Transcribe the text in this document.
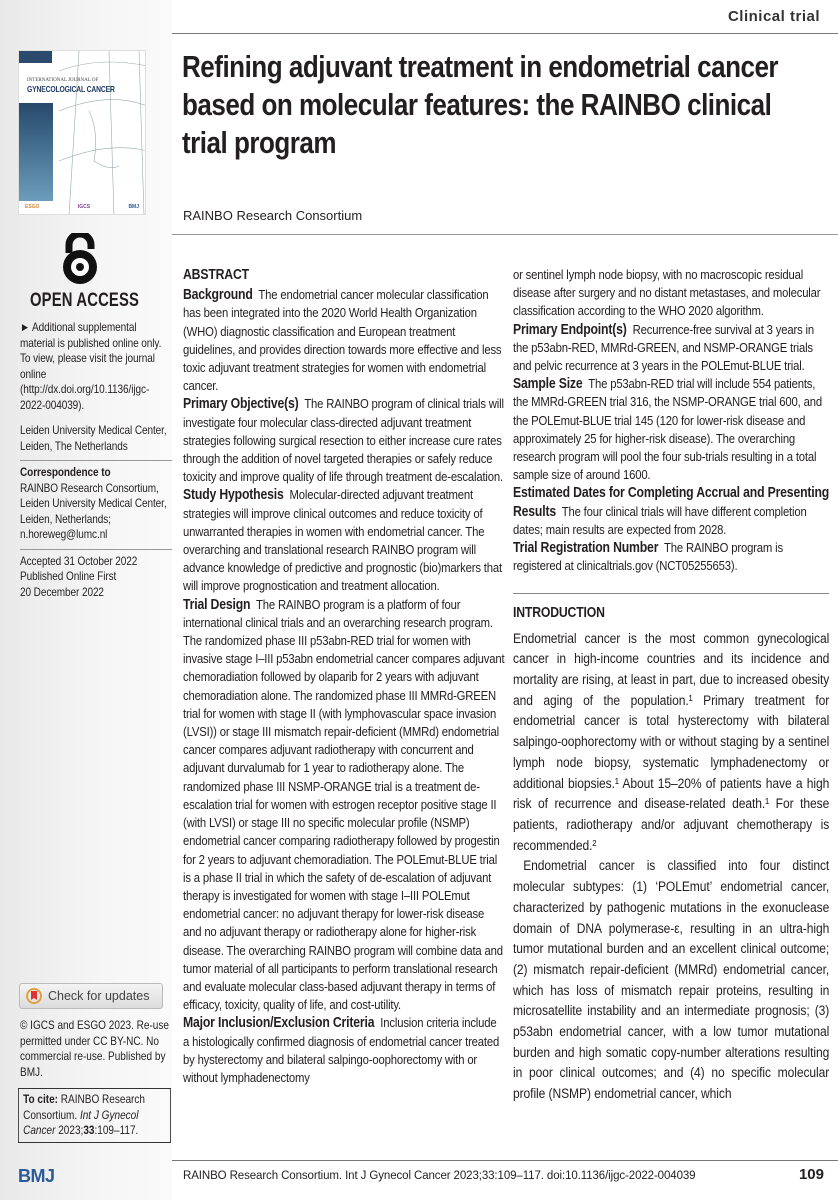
INTERNATIONAL JOURNAL OF
GYNECOLOGICAL CANCER
ESGO	IGCS	BMJ
OPEN ACCESS

► Additional supplemental material is published online only. To view, please visit the journal online (http://dx.doi.org/10.1136/ijgc-2022-004039).

Leiden University Medical Center, Leiden, The Netherlands

Correspondence to

RAINBO Research Consortium, Leiden University Medical Center, Leiden, Netherlands; n.horeweg@lumc.nl

Accepted 31 October 2022

Published Online First

20 December 2022

Check for updates
© IGCS and ESGO 2023. Re-use permitted under CC BY-NC. No commercial re-use. Published by BMJ.
To cite: RAINBO Research Consortium. Int J Gynecol Cancer 2023;33:109–117.
BMJ
Clinical trial
Refining adjuvant treatment in endometrial cancer based on molecular features: the RAINBO clinical trial program
RAINBO Research Consortium
ABSTRACT

Background The endometrial cancer molecular classification has been integrated into the 2020 World Health Organization (WHO) diagnostic classification and European treatment guidelines, and provides direction towards more effective and less toxic adjuvant treatment strategies for women with endometrial cancer.

Primary Objective(s) The RAINBO program of clinical trials will investigate four molecular class-directed adjuvant treatment strategies following surgical resection to either increase cure rates through the addition of novel targeted therapies or safely reduce toxicity and improve quality of life through treatment de-escalation.

Study Hypothesis Molecular-directed adjuvant treatment strategies will improve clinical outcomes and reduce toxicity of unwarranted therapies in women with endometrial cancer. The overarching and translational research RAINBO program will advance knowledge of predictive and prognostic (bio)markers that will improve prognostication and treatment allocation.

Trial Design The RAINBO program is a platform of four international clinical trials and an overarching research program. The randomized phase III p53abn-RED trial for women with invasive stage I–III p53abn endometrial cancer compares adjuvant chemoradiation followed by olaparib for 2 years with adjuvant chemoradiation alone. The randomized phase III MMRd-GREEN trial for women with stage II (with lymphovascular space invasion (LVSI)) or stage III mismatch repair-deficient (MMRd) endometrial cancer compares adjuvant radiotherapy with concurrent and adjuvant durvalumab for 1 year to radiotherapy alone. The randomized phase III NSMP-ORANGE trial is a treatment de-escalation trial for women with estrogen receptor positive stage II (with LVSI) or stage III no specific molecular profile (NSMP) endometrial cancer comparing radiotherapy followed by progestin for 2 years to adjuvant chemoradiation. The POLEmut-BLUE trial is a phase II trial in which the safety of de-escalation of adjuvant therapy is investigated for women with stage I–III POLEmut endometrial cancer: no adjuvant therapy for lower-risk disease and no adjuvant therapy or radiotherapy alone for higher-risk disease. The overarching RAINBO program will combine data and tumor material of all participants to perform translational research and evaluate molecular class-based adjuvant therapy in terms of efficacy, toxicity, quality of life, and cost-utility.

Major Inclusion/Exclusion Criteria Inclusion criteria include a histologically confirmed diagnosis of endometrial cancer treated by hysterectomy and bilateral salpingo-oophorectomy with or without lymphadenectomy

or sentinel lymph node biopsy, with no macroscopic residual disease after surgery and no distant metastases, and molecular classification according to the WHO 2020 algorithm.

Primary Endpoint(s) Recurrence-free survival at 3 years in the p53abn-RED, MMRd-GREEN, and NSMP-ORANGE trials and pelvic recurrence at 3 years in the POLEmut-BLUE trial.

Sample Size The p53abn-RED trial will include 554 patients, the MMRd-GREEN trial 316, the NSMP-ORANGE trial 600, and the POLEmut-BLUE trial 145 (120 for lower-risk disease and approximately 25 for higher-risk disease). The overarching research program will pool the four sub-trials resulting in a total sample size of around 1600.

Estimated Dates for Completing Accrual and Presenting Results The four clinical trials will have different completion dates; main results are expected from 2028.

Trial Registration Number The RAINBO program is registered at clinicaltrials.gov (NCT05255653).

INTRODUCTION

Endometrial cancer is the most common gynecological cancer in high-income countries and its incidence and mortality are rising, at least in part, due to increased obesity and aging of the population.¹ Primary treatment for endometrial cancer is total hysterectomy with bilateral salpingo-oophorectomy with or without staging by a sentinel lymph node biopsy, systematic lymphadenectomy or additional biopsies.¹ About 15–20% of patients have a high risk of recurrence and disease-related death.¹ For these patients, radiotherapy and/or adjuvant chemotherapy is recommended.²

Endometrial cancer is classified into four distinct molecular subtypes: (1) ‘POLEmut’ endometrial cancer, characterized by pathogenic mutations in the exonuclease domain of DNA polymerase-ε, resulting in an ultra-high tumor mutational burden and an excellent clinical outcome; (2) mismatch repair-deficient (MMRd) endometrial cancer, which has loss of mismatch repair proteins, resulting in microsatellite instability and an intermediate prognosis; (3) p53abn endometrial cancer, with a low tumor mutational burden and high somatic copy-number alterations resulting in poor clinical outcomes; and (4) no specific molecular profile (NSMP) endometrial cancer, which

RAINBO Research Consortium. Int J Gynecol Cancer 2023;33:109–117. doi:10.1136/ijgc-2022-004039	109
